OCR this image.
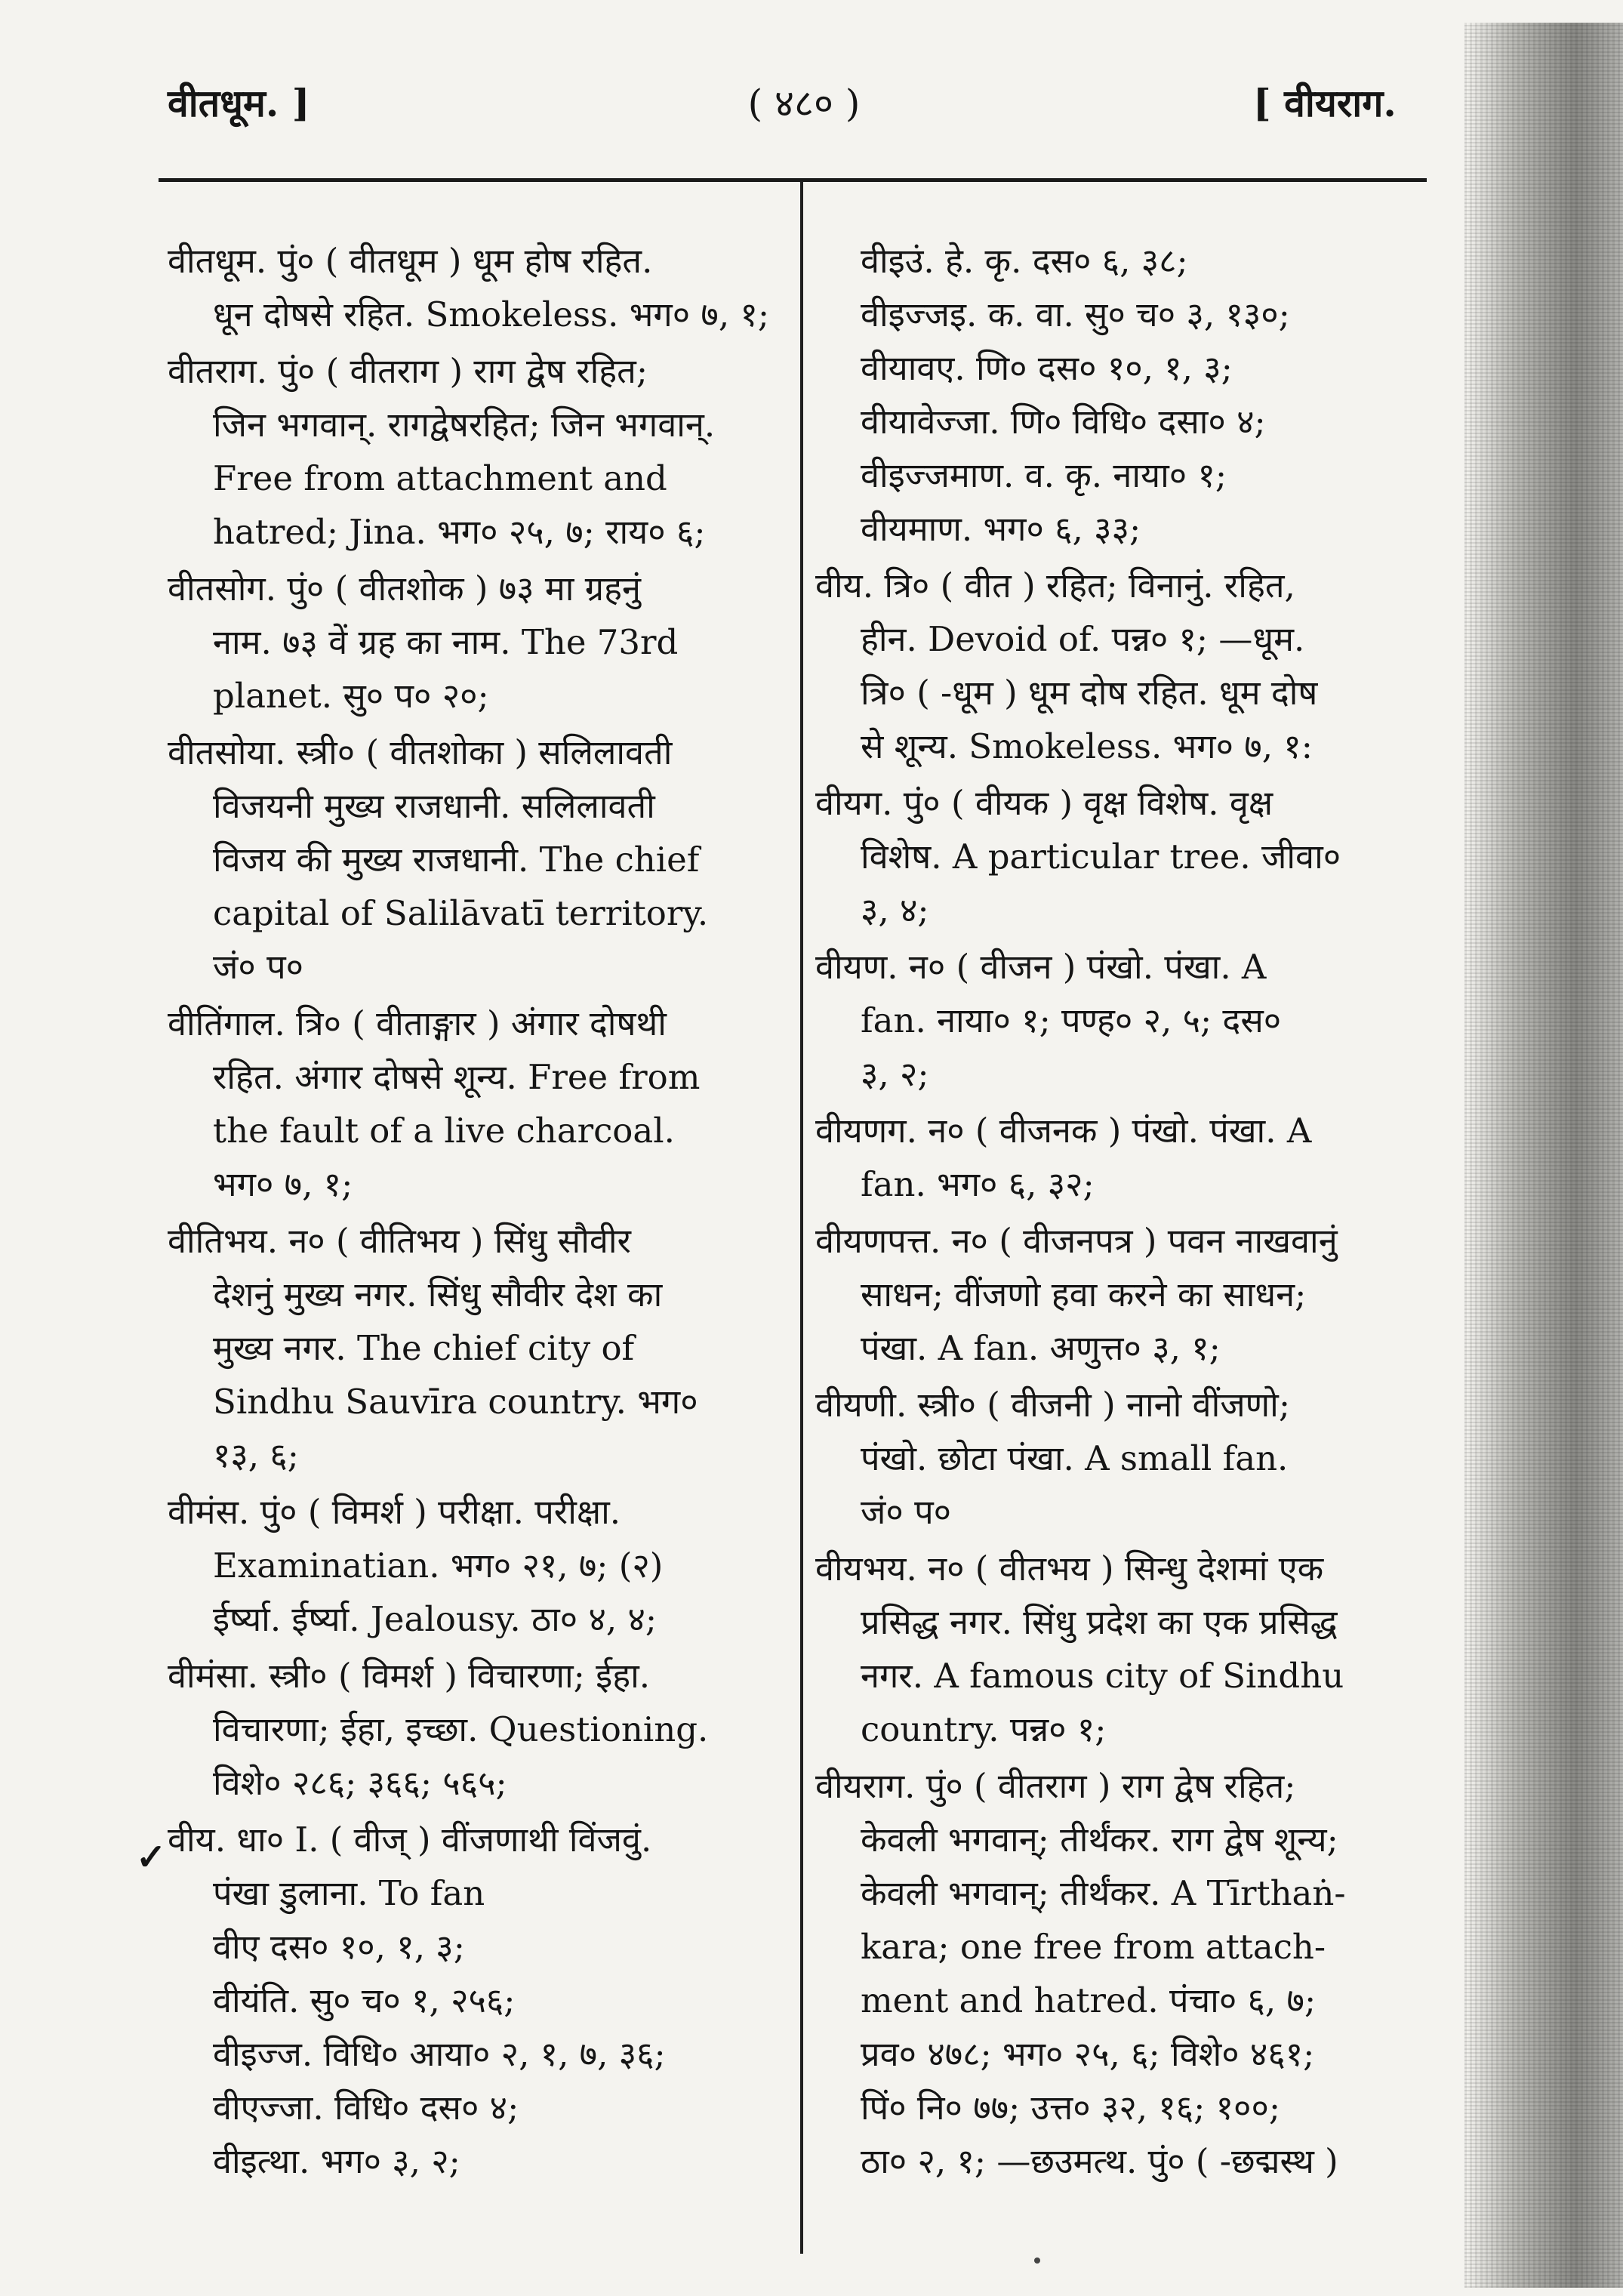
वीतधूम. ]	( ४८० )	[ वीयराग.
✓
वीतधूम. पुं० ( वीतधूम ) धूम होष रहित.
धून दोषसे रहित. Smokeless. भग० ७, १;
वीतराग. पुं० ( वीतराग ) राग द्वेष रहित;
जिन भगवान्. रागद्वेषरहित; जिन भगवान्.
Free from attachment and
hatred; Jina. भग० २५, ७; राय० ६;
वीतसोग. पुं० ( वीतशोक ) ७३ मा ग्रहनुं
नाम. ७३ वें ग्रह का नाम. The 73rd
planet. सु० प० २०;
वीतसोया. स्त्री० ( वीतशोका ) सलिलावती
विजयनी मुख्य राजधानी. सलिलावती
विजय की मुख्य राजधानी. The chief
capital of Salilāvatī territory.
जं० प०
वीतिंगाल. त्रि० ( वीताङ्गार ) अंगार दोषथी
रहित. अंगार दोषसे शून्य. Free from
the fault of a live charcoal.
भग० ७, १;
वीतिभय. न० ( वीतिभय ) सिंधु सौवीर
देशनुं मुख्य नगर. सिंधु सौवीर देश का
मुख्य नगर. The chief city of
Sindhu Sauvīra country. भग०
१३, ६;
वीमंस. पुं० ( विमर्श ) परीक्षा. परीक्षा.
Examinatian. भग० २१, ७; (२)
ईर्ष्या. ईर्ष्या. Jealousy. ठा० ४, ४;
वीमंसा. स्त्री० ( विमर्श ) विचारणा; ईहा.
विचारणा; ईहा, इच्छा. Questioning.
विशे० २८६; ३६६; ५६५;
वीय. धा० I. ( वीज् ) वींजणाथी विंजवुं.
पंखा डुलाना. To fan
वीए दस० १०, १, ३;
वीयंति. सु० च० १, २५६;
वीइज्ज. विधि० आया० २, १, ७, ३६;
वीएज्जा. विधि० दस० ४;
वीइत्था. भग० ३, २;
वीइउं. हे. कृ. दस० ६, ३८;
वीइज्जइ. क. वा. सु० च० ३, १३०;
वीयावए. णि० दस० १०, १, ३;
वीयावेज्जा. णि० विधि० दसा० ४;
वीइज्जमाण. व. कृ. नाया० १;
वीयमाण. भग० ६, ३३;
वीय. त्रि० ( वीत ) रहित; विनानुं. रहित,
हीन. Devoid of. पन्न० १; —धूम.
त्रि० ( -धूम ) धूम दोष रहित. धूम दोष
से शून्य. Smokeless. भग० ७, १:
वीयग. पुं० ( वीयक ) वृक्ष विशेष. वृक्ष
विशेष. A particular tree. जीवा०
३, ४;
वीयण. न० ( वीजन ) पंखो. पंखा. A
fan. नाया० १; पण्ह० २, ५; दस०
३, २;
वीयणग. न० ( वीजनक ) पंखो. पंखा. A
fan. भग० ६, ३२;
वीयणपत्त. न० ( वीजनपत्र ) पवन नाखवानुं
साधन; वींजणो हवा करने का साधन;
पंखा. A fan. अणुत्त० ३, १;
वीयणी. स्त्री० ( वीजनी ) नानो वींजणो;
पंखो. छोटा पंखा. A small fan.
जं० प०
वीयभय. न० ( वीतभय ) सिन्धु देशमां एक
प्रसिद्ध नगर. सिंधु प्रदेश का एक प्रसिद्ध
नगर. A famous city of Sindhu
country. पन्न० १;
वीयराग. पुं० ( वीतराग ) राग द्वेष रहित;
केवली भगवान्; तीर्थंकर. राग द्वेष शून्य;
केवली भगवान्; तीर्थंकर. A Tīrthaṅ-
kara; one free from attach-
ment and hatred. पंचा० ६, ७;
प्रव० ४७८; भग० २५, ६; विशे० ४६१;
पिं० नि० ७७; उत्त० ३२, १६; १००;
ठा० २, १; —छउमत्थ. पुं० ( -छद्मस्थ )
